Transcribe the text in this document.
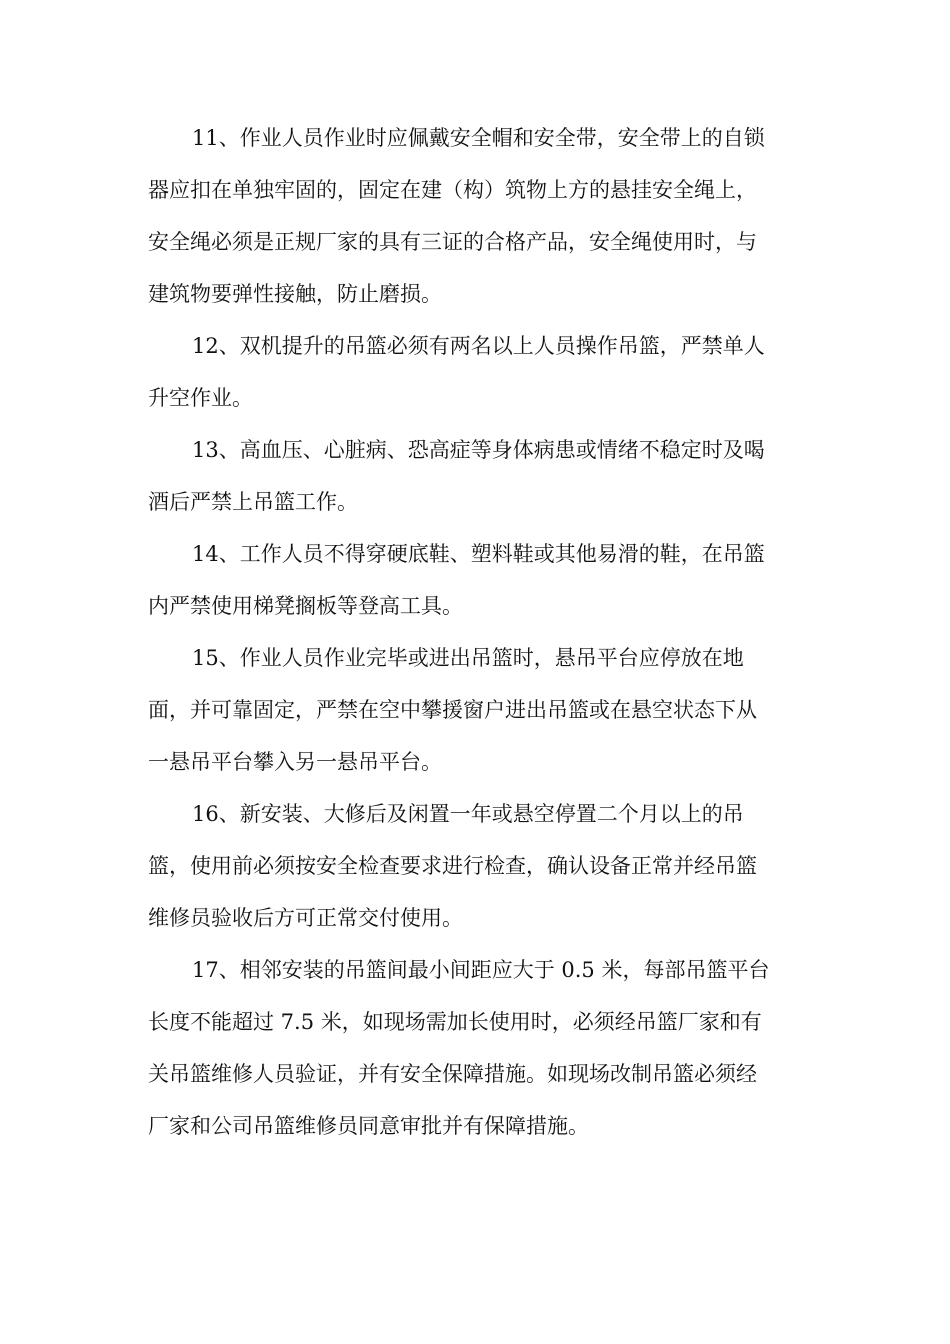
11、作业人员作业时应佩戴安全帽和安全带，安全带上的自锁
器应扣在单独牢固的，固定在建（构）筑物上方的悬挂安全绳上，
安全绳必须是正规厂家的具有三证的合格产品，安全绳使用时，与
建筑物要弹性接触，防止磨损。
12、双机提升的吊篮必须有两名以上人员操作吊篮，严禁单人
升空作业。
13、高血压、心脏病、恐高症等身体病患或情绪不稳定时及喝
酒后严禁上吊篮工作。
14、工作人员不得穿硬底鞋、塑料鞋或其他易滑的鞋，在吊篮
内严禁使用梯凳搁板等登高工具。
15、作业人员作业完毕或进出吊篮时，悬吊平台应停放在地
面，并可靠固定，严禁在空中攀援窗户进出吊篮或在悬空状态下从
一悬吊平台攀入另一悬吊平台。
16、新安装、大修后及闲置一年或悬空停置二个月以上的吊
篮，使用前必须按安全检查要求进行检查，确认设备正常并经吊篮
维修员验收后方可正常交付使用。
17、相邻安装的吊篮间最小间距应大于 0.5 米，每部吊篮平台
长度不能超过 7.5 米，如现场需加长使用时，必须经吊篮厂家和有
关吊篮维修人员验证，并有安全保障措施。如现场改制吊篮必须经
厂家和公司吊篮维修员同意审批并有保障措施。
